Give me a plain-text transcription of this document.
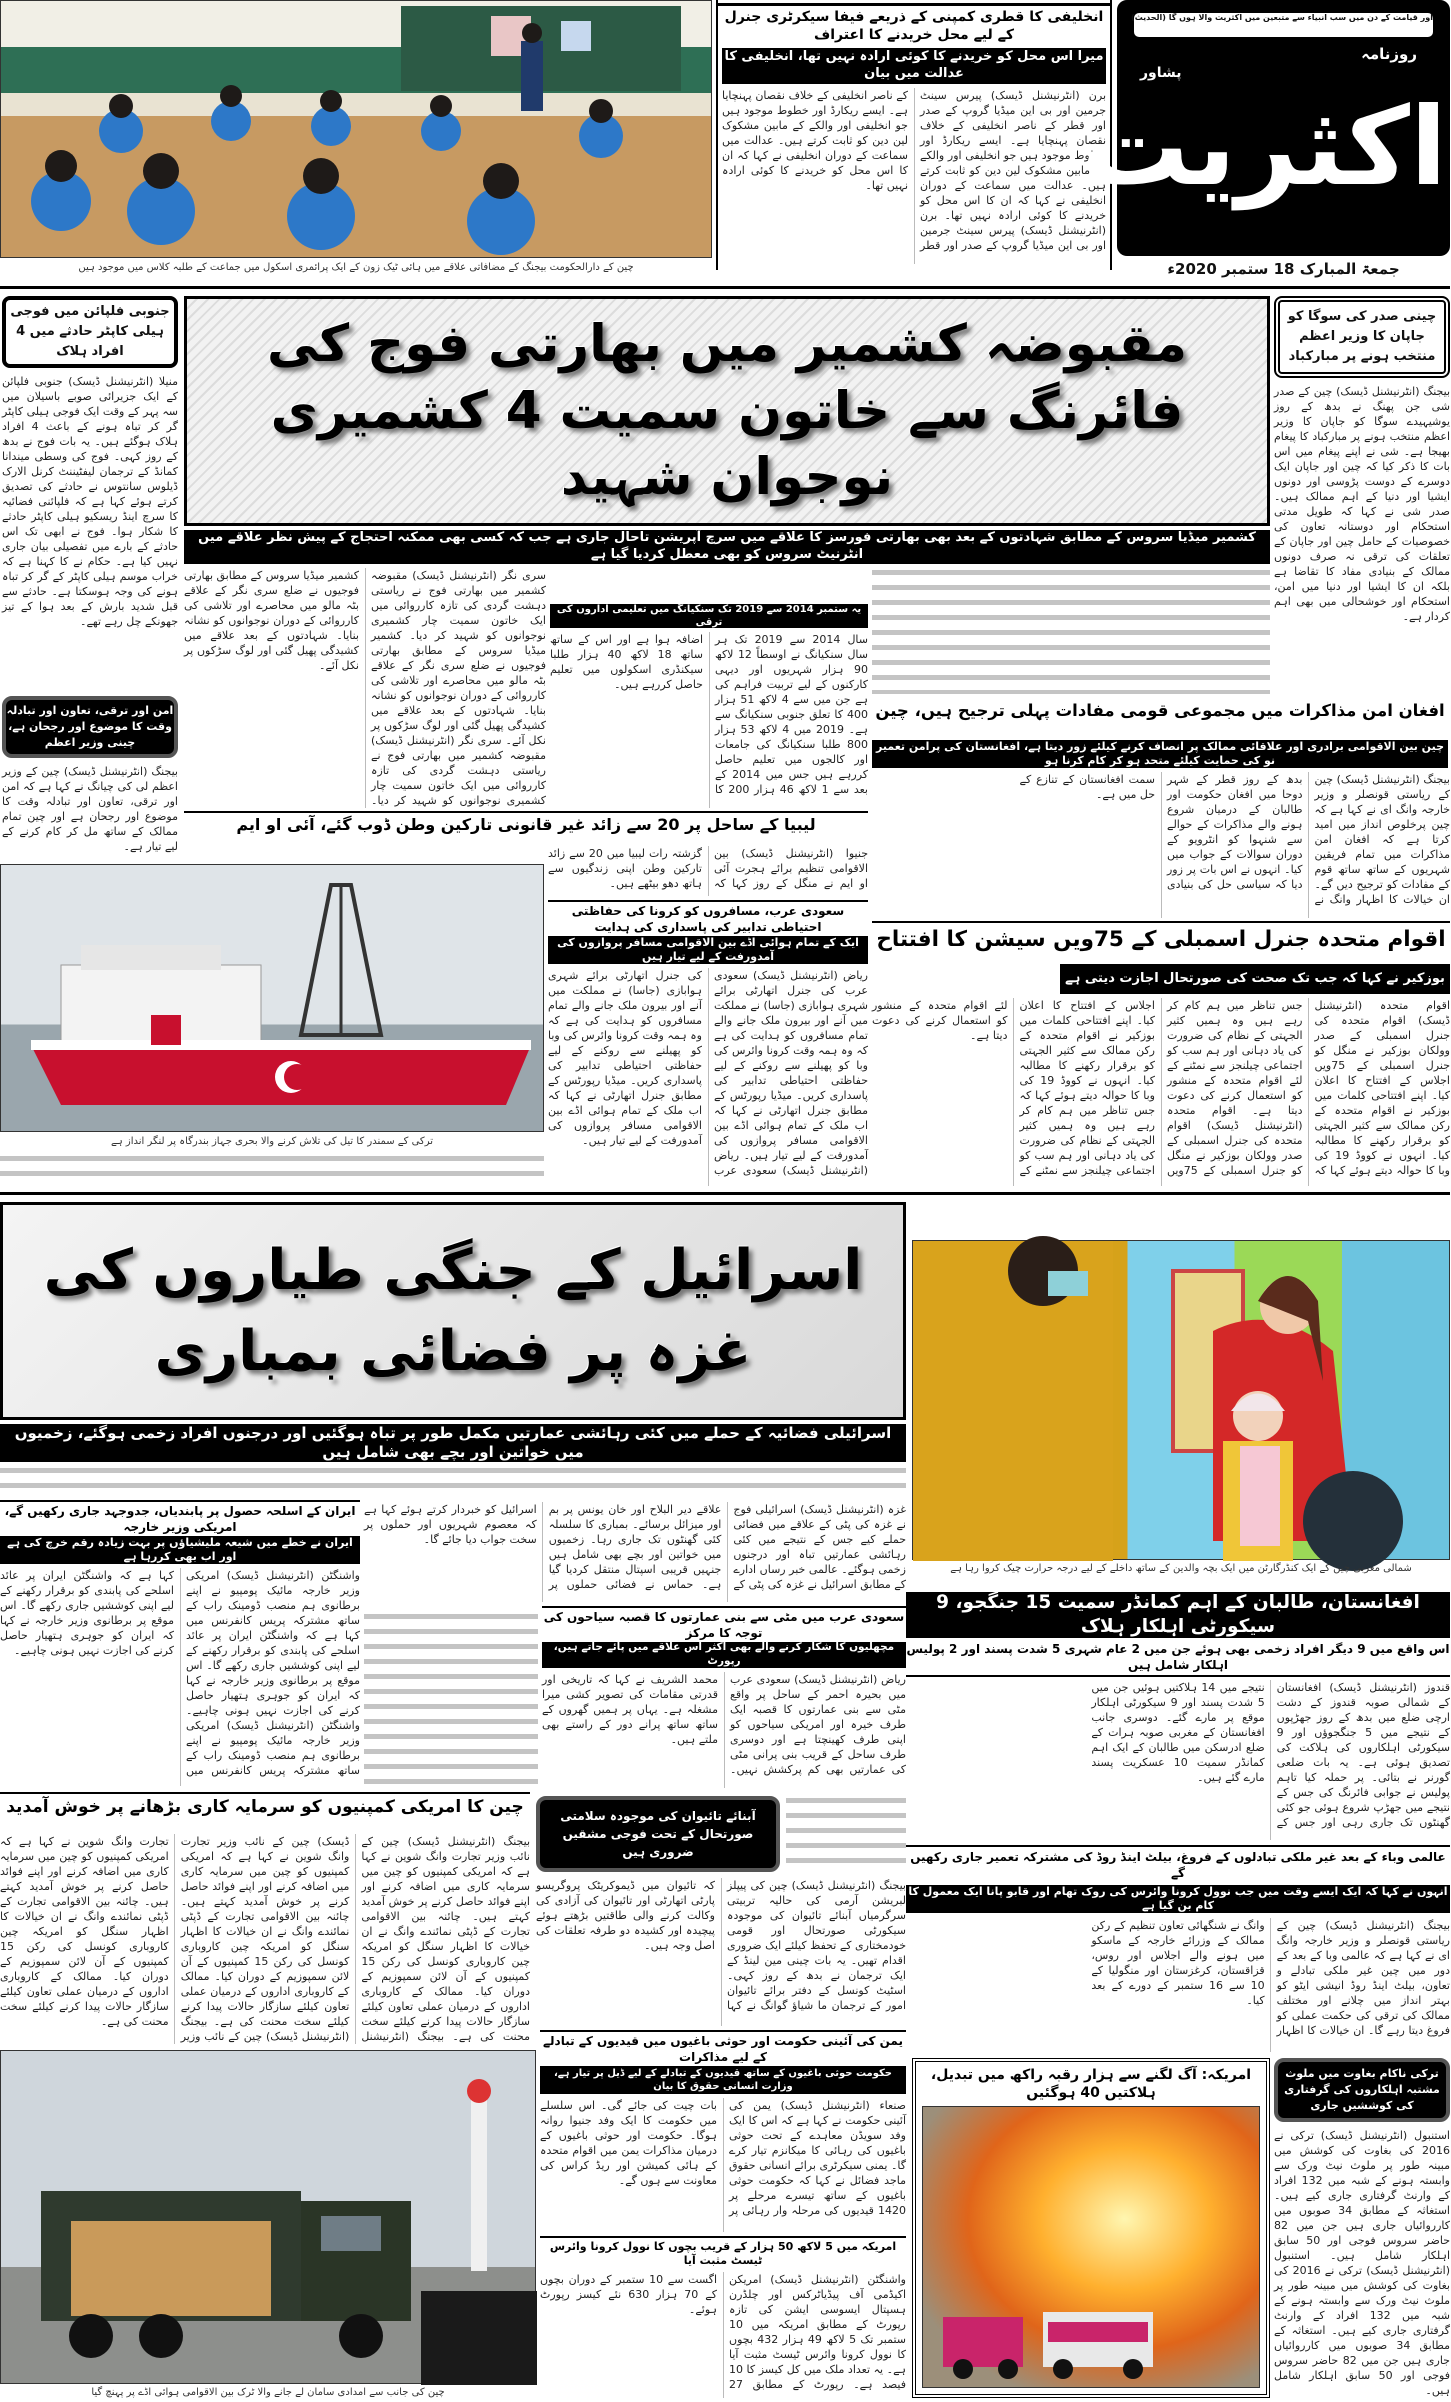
چین کے دارالحکومت بیجنگ کے مضافاتی علاقے میں ہائی ٹیک زون کے ایک پرائمری اسکول میں جماعت کے طلبہ کلاس میں موجود ہیں
انخلیفی کا قطری کمپنی کے ذریعے فیفا سیکرٹری جنرل کے لیے محل خریدنے کا اعتراف
میرا اس محل کو خریدنے کا کوئی ارادہ نہیں تھا، انخلیفی کا عدالت میں بیان
برن (انٹرنیشنل ڈیسک) پیرس سینٹ جرمین اور بی این میڈیا گروپ کے صدر اور قطر کے ناصر انخلیفی کے خلاف نقصان پہنچایا ہے۔ ایسے ریکارڈ اور خطوط موجود ہیں جو انخلیفی اور والکے کے مابین مشکوک لین دین کو ثابت کرتے ہیں۔ عدالت میں سماعت کے دوران انخلیفی نے کہا کہ ان کا اس محل کو خریدنے کا کوئی ارادہ نہیں تھا۔ برن (انٹرنیشنل ڈیسک) پیرس سینٹ جرمین اور بی این میڈیا گروپ کے صدر اور قطر کے ناصر انخلیفی کے خلاف نقصان پہنچایا ہے۔ ایسے ریکارڈ اور خطوط موجود ہیں جو انخلیفی اور والکے کے مابین مشکوک لین دین کو ثابت کرتے ہیں۔ عدالت میں سماعت کے دوران انخلیفی نے کہا کہ ان کا اس محل کو خریدنے کا کوئی ارادہ نہیں تھا۔
اور قیامت کے دن میں سب انبیاء سے متبعین میں اکثریت والا ہوں گا (الحدیث)
روزنامہ
پشاور
اکثریت
جمعۃ المبارک 18 ستمبر 2020ء
جنوبی فلپائن میں فوجی ہیلی کاپٹر حادثے میں 4 افراد ہلاک
منیلا (انٹرنیشنل ڈیسک) جنوبی فلپائن کے ایک جزیرائی صوبے باسیلان میں سہ پہر کے وقت ایک فوجی ہیلی کاپٹر گر کر تباہ ہونے کے باعث 4 افراد ہلاک ہوگئے ہیں۔ یہ بات فوج نے بدھ کے روز کہی۔ فوج کی وسطی میندانا کمانڈ کے ترجمان لیفٹیننٹ کرنل الارک ڈیلوس سانتوس نے حادثے کی تصدیق کرتے ہوئے کہا ہے کہ فلپائنی فضائیہ کا سرچ اینڈ ریسکیو ہیلی کاپٹر حادثے کا شکار ہوا۔ فوج نے ابھی تک اس حادثے کے بارے میں تفصیلی بیان جاری نہیں کیا ہے۔ حکام نے کا کہنا ہے کہ خراب موسم ہیلی کاپٹر کے گر کر تباہ ہونے کی وجہ ہوسکتا ہے۔ حادثے سے قبل شدید بارش کے بعد ہوا کے تیز جھونکے چل رہے تھے۔
امن اور ترقی، تعاون اور تبادلہ وقت کا موضوع اور رجحان ہے، چینی وزیر اعظم
بیجنگ (انٹرنیشنل ڈیسک) چین کے وزیر اعظم لی کی چیانگ نے کہا ہے کہ امن اور ترقی، تعاون اور تبادلہ وقت کا موضوع اور رجحان ہے اور چین تمام ممالک کے ساتھ مل کر کام کرنے کے لیے تیار ہے۔
مقبوضہ کشمیر میں بھارتی فوج کی فائرنگ سے خاتون سمیت 4 کشمیری نوجوان شہید
کشمیر میڈیا سروس کے مطابق شہادتوں کے بعد بھی بھارتی فورسز کا علاقے میں سرچ آپریشن تاحال جاری ہے جب کہ کسی بھی ممکنہ احتجاج کے پیش نظر علاقے میں انٹرنیٹ سروس کو بھی معطل کردیا گیا ہے
چینی صدر کی سوگا کو جاپان کا وزیر اعظم منتخب ہونے پر مبارکباد
بیجنگ (انٹرنیشنل ڈیسک) چین کے صدر شی جن پھنگ نے بدھ کے روز یوشیہیدے سوگا کو جاپان کا وزیر اعظم منتخب ہونے پر مبارکباد کا پیغام بھیجا ہے۔ شی نے اپنے پیغام میں اس بات کا ذکر کیا کہ چین اور جاپان ایک دوسرے کے دوست پڑوسی اور دونوں ایشیا اور دنیا کے اہم ممالک ہیں۔ صدر شی نے کہا کہ طویل مدتی استحکام اور دوستانہ تعاون کی خصوصیات کے حامل چین اور جاپان کے تعلقات کی ترقی نہ صرف دونوں ممالک کے بنیادی مفاد کا تقاضا ہے بلکہ ان کا ایشیا اور دنیا میں امن، استحکام اور خوشحالی میں بھی اہم کردار ہے۔
سری نگر (انٹرنیشنل ڈیسک) مقبوضہ کشمیر میں بھارتی فوج نے ریاستی دہشت گردی کی تازہ کارروائی میں ایک خاتون سمیت چار کشمیری نوجوانوں کو شہید کر دیا۔ کشمیر میڈیا سروس کے مطابق بھارتی فوجیوں نے ضلع سری نگر کے علاقے بٹہ مالو میں محاصرے اور تلاشی کی کارروائی کے دوران نوجوانوں کو نشانہ بنایا۔ شہادتوں کے بعد علاقے میں کشیدگی پھیل گئی اور لوگ سڑکوں پر نکل آئے۔ سری نگر (انٹرنیشنل ڈیسک) مقبوضہ کشمیر میں بھارتی فوج نے ریاستی دہشت گردی کی تازہ کارروائی میں ایک خاتون سمیت چار کشمیری نوجوانوں کو شہید کر دیا۔ کشمیر میڈیا سروس کے مطابق بھارتی فوجیوں نے ضلع سری نگر کے علاقے بٹہ مالو میں محاصرے اور تلاشی کی کارروائی کے دوران نوجوانوں کو نشانہ بنایا۔ شہادتوں کے بعد علاقے میں کشیدگی پھیل گئی اور لوگ سڑکوں پر نکل آئے۔
یہ ستمبر 2014 سے 2019 تک سنکیانگ میں تعلیمی اداروں کی ترقی
سال 2014 سے 2019 تک ہر سال سنکیانگ نے اوسطاً 12 لاکھ 90 ہزار شہریوں اور دیہی کارکنوں کے لیے تربیت فراہم کی ہے جن میں سے 4 لاکھ 51 ہزار 400 کا تعلق جنوبی سنکیانگ سے ہے۔ 2019 میں 4 لاکھ 53 ہزار 800 طلبا سنکیانگ کی جامعات اور کالجوں میں تعلیم حاصل کررہے ہیں جس میں 2014 کے بعد سے 1 لاکھ 46 ہزار 200 کا اضافہ ہوا ہے اور اس کے ساتھ ساتھ 18 لاکھ 40 ہزار طلبا سیکنڈری اسکولوں میں تعلیم حاصل کررہے ہیں۔
لیبیا کے ساحل پر 20 سے زائد غیر قانونی تارکین وطن ڈوب گئے، آئی او ایم
جنیوا (انٹرنیشنل ڈیسک) بین الاقوامی تنظیم برائے ہجرت آئی او ایم نے منگل کے روز کہا کہ گزشتہ رات لیبیا میں 20 سے زائد تارکین وطن اپنی زندگیوں سے ہاتھ دھو بیٹھے ہیں۔
ترکی کے سمندر کا تیل کی تلاش کرنے والا بحری جہاز بندرگاہ پر لنگر انداز ہے
سعودی عرب، مسافروں کو کرونا کی حفاظتی احتیاطی تدابیر کی پاسداری کی ہدایت
ایک کے تمام ہوائی اڈے بین الاقوامی مسافر پروازوں کی آمدورفت کے لیے تیار ہیں
ریاض (انٹرنیشنل ڈیسک) سعودی عرب کی جنرل اتھارٹی برائے شہری ہوابازی (جاسا) نے مملکت میں آنے اور بیرون ملک جانے والے تمام مسافروں کو ہدایت کی ہے کہ وہ ہمہ وقت کرونا وائرس کی وبا کو پھیلنے سے روکنے کے لیے حفاظتی احتیاطی تدابیر کی پاسداری کریں۔ میڈیا رپورٹس کے مطابق جنرل اتھارٹی نے کہا کہ اب ملک کے تمام ہوائی اڈے بین الاقوامی مسافر پروازوں کی آمدورفت کے لیے تیار ہیں۔ ریاض (انٹرنیشنل ڈیسک) سعودی عرب کی جنرل اتھارٹی برائے شہری ہوابازی (جاسا) نے مملکت میں آنے اور بیرون ملک جانے والے تمام مسافروں کو ہدایت کی ہے کہ وہ ہمہ وقت کرونا وائرس کی وبا کو پھیلنے سے روکنے کے لیے حفاظتی احتیاطی تدابیر کی پاسداری کریں۔ میڈیا رپورٹس کے مطابق جنرل اتھارٹی نے کہا کہ اب ملک کے تمام ہوائی اڈے بین الاقوامی مسافر پروازوں کی آمدورفت کے لیے تیار ہیں۔
افغان امن مذاکرات میں مجموعی قومی مفادات پہلی ترجیح ہیں، چین
چین بین الاقوامی برادری اور علاقائی ممالک پر انصاف کرنے کیلئے زور دیتا ہے، افغانستان کی پرامن تعمیر نو کی حمایت کیلئے متحد ہو کر کام کرنا ہو
بیجنگ (انٹرنیشنل ڈیسک) چین کے ریاستی قونصلر و وزیر خارجہ وانگ ای نے کہا ہے کہ چین پرخلوص انداز میں امید کرتا ہے کہ افغان امن مذاکرات میں تمام فریقین شہریوں کے ساتھ ساتھ قوم کے مفادات کو ترجیح دیں گے۔ ان خیالات کا اظہار وانگ نے بدھ کے روز قطر کے شہر دوحا میں افغان حکومت اور طالبان کے درمیان شروع ہونے والے مذاکرات کے حوالے سے شنہوا کو انٹرویو کے دوران سوالات کے جواب میں کیا۔ انہوں نے اس بات پر زور دیا کہ سیاسی حل کی بنیادی سمت افغانستان کے تنازع کے حل میں ہے۔
اقوام متحدہ جنرل اسمبلی کے 75ویں سیشن کا افتتاح
بوزکیر نے کہا کہ جب تک صحت کی صورتحال اجازت دیتی ہے
اقوام متحدہ (انٹرنیشنل ڈیسک) اقوام متحدہ کی جنرل اسمبلی کے صدر وولکان بوزکیر نے منگل کو جنرل اسمبلی کے 75ویں اجلاس کے افتتاح کا اعلان کیا۔ اپنے افتتاحی کلمات میں بوزکیر نے اقوام متحدہ کے رکن ممالک سے کثیر الجہتی کو برقرار رکھنے کا مطالبہ کیا۔ انہوں نے کووڈ 19 کی وبا کا حوالہ دیتے ہوئے کہا کہ جس تناظر میں ہم کام کر رہے ہیں وہ ہمیں کثیر الجہتی کے نظام کی ضرورت کی یاد دہانی اور ہم سب کو اجتماعی چیلنجز سے نمٹنے کے لئے اقوام متحدہ کے منشور کو استعمال کرنے کی دعوت دیتا ہے۔ اقوام متحدہ (انٹرنیشنل ڈیسک) اقوام متحدہ کی جنرل اسمبلی کے صدر وولکان بوزکیر نے منگل کو جنرل اسمبلی کے 75ویں اجلاس کے افتتاح کا اعلان کیا۔ اپنے افتتاحی کلمات میں بوزکیر نے اقوام متحدہ کے رکن ممالک سے کثیر الجہتی کو برقرار رکھنے کا مطالبہ کیا۔ انہوں نے کووڈ 19 کی وبا کا حوالہ دیتے ہوئے کہا کہ جس تناظر میں ہم کام کر رہے ہیں وہ ہمیں کثیر الجہتی کے نظام کی ضرورت کی یاد دہانی اور ہم سب کو اجتماعی چیلنجز سے نمٹنے کے لئے اقوام متحدہ کے منشور کو استعمال کرنے کی دعوت دیتا ہے۔
اسرائیل کے جنگی طیاروں کی غزہ پر فضائی بمباری
اسرائیلی فضائیہ کے حملے میں کئی رہائشی عمارتیں مکمل طور پر تباہ ہوگئیں اور درجنوں افراد زخمی ہوگئے، زخمیوں میں خواتین اور بچے بھی شامل ہیں
غزہ (انٹرنیشنل ڈیسک) اسرائیلی فوج نے غزہ کی پٹی کے علاقے میں فضائی حملے کیے جس کے نتیجے میں کئی رہائشی عمارتیں تباہ اور درجنوں زخمی ہوگئے۔ عالمی خبر رساں ادارے کے مطابق اسرائیل نے غزہ کی پٹی کے علاقے دیر البلاح اور خان یونس پر بم اور میزائل برسائے۔ بمباری کا سلسلہ کئی گھنٹوں تک جاری رہا۔ زخمیوں میں خواتین اور بچے بھی شامل ہیں جنہیں قریبی اسپتال منتقل کردیا گیا ہے۔ حماس نے فضائی حملوں پر اسرائیل کو خبردار کرتے ہوئے کہا ہے کہ معصوم شہریوں اور حملوں پر سخت جواب دیا جائے گا۔
شمالی مغربی چین کے ایک کنڈرگارٹن میں ایک بچہ والدین کے ساتھ داخلے کے لیے درجہ حرارت چیک کروا رہا ہے
ایران کے اسلحہ حصول پر پابندیاں، جدوجہد جاری رکھیں گے، امریکی وزیر خارجہ
ایران نے خطے میں شیعہ ملیشیاؤں پر بہت زیادہ رقم خرچ کی ہے اور اب بھی کررہا ہے
واشنگٹن (انٹرنیشنل ڈیسک) امریکی وزیر خارجہ مائیک پومپیو نے اپنے برطانوی ہم منصب ڈومینک راب کے ساتھ مشترکہ پریس کانفرنس میں کہا ہے کہ واشنگٹن ایران پر عائد اسلحے کی پابندی کو برقرار رکھنے کے لیے اپنی کوششیں جاری رکھے گا۔ اس موقع پر برطانوی وزیر خارجہ نے کہا کہ ایران کو جوہری ہتھیار حاصل کرنے کی اجازت نہیں ہونی چاہیے۔ واشنگٹن (انٹرنیشنل ڈیسک) امریکی وزیر خارجہ مائیک پومپیو نے اپنے برطانوی ہم منصب ڈومینک راب کے ساتھ مشترکہ پریس کانفرنس میں کہا ہے کہ واشنگٹن ایران پر عائد اسلحے کی پابندی کو برقرار رکھنے کے لیے اپنی کوششیں جاری رکھے گا۔ اس موقع پر برطانوی وزیر خارجہ نے کہا کہ ایران کو جوہری ہتھیار حاصل کرنے کی اجازت نہیں ہونی چاہیے۔
سعودی عرب میں مٹی سے بنی عمارتوں کا قصبہ سیاحوں کی توجہ کا مرکز
مچھلیوں کا شکار کرنے والے بھی اکثر اس علاقے میں پائے جاتے ہیں، رپورٹ
ریاض (انٹرنیشنل ڈیسک) سعودی عرب میں بحیرہ احمر کے ساحل پر واقع مٹی سے بنی عمارتوں کا قصبہ ایک طرف خیرہ اور امریکی سیاحوں کو اپنی طرف کھینچتا ہے اور دوسری طرف ساحل کے قریب بنی پرانی مٹی کی عمارتیں بھی کم پرکشش نہیں۔ محمد الشریف نے کہا کہ تاریخی اور قدرتی مقامات کی تصویر کشی میرا مشغلہ ہے۔ یہاں پر ہمیں گھروں کے ساتھ ساتھ پرانے دور کے راستے بھی ملتے ہیں۔
افغانستان، طالبان کے اہم کمانڈر سمیت 15 جنگجو، 9 سیکورٹی اہلکار ہلاک
اس واقع میں 9 دیگر افراد زخمی بھی ہوئے جن میں 2 عام شہری 5 شدت پسند اور 2 پولیس اہلکار شامل ہیں
قندوز (انٹرنیشنل ڈیسک) افغانستان کے شمالی صوبہ قندوز کے دشت ارچی ضلع میں بدھ کے روز جھڑپوں کے نتیجے میں 5 جنگجوؤں اور 9 سیکورٹی اہلکاروں کی ہلاکت کی تصدیق ہوئی ہے۔ یہ بات ضلعی گورنر نے بتائی۔ پر حملہ کیا تاہم پولیس نے جوابی فائرنگ کی جس کے نتیجے میں جھڑپ شروع ہوئی جو کئی گھنٹوں تک جاری رہی اور جس کے نتیجے میں 14 ہلاکتیں ہوئیں جن میں 5 شدت پسند اور 9 سیکورٹی اہلکار موقع پر مارے گئے۔ دوسری جانب افغانستان کے مغربی صوبہ ہرات کے ضلع ادرسکن میں طالبان کے ایک اہم کمانڈر سمیت 10 عسکریت پسند مارے گئے ہیں۔
عالمی وباء کے بعد غیر ملکی تبادلوں کے فروغ، بیلٹ اینڈ روڈ کی مشترکہ تعمیر جاری رکھیں گے
انہوں نے کہا کہ ایک ایسے وقت میں جب نوول کرونا وائرس کی روک تھام اور قابو پانا ایک معمول کا کام بن گیا ہے
بیجنگ (انٹرنیشنل ڈیسک) چین کے ریاستی قونصلر و وزیر خارجہ وانگ ای نے کہا ہے کہ عالمی وبا کے بعد کے دور میں چین غیر ملکی تبادلے و تعاون، بیلٹ اینڈ روڈ انیشی ایٹو کو بہتر انداز میں چلانے اور مختلف ممالک کی ترقی کی حکمت عملی کو فروغ دیتا رہے گا۔ ان خیالات کا اظہار وانگ نے شنگھائی تعاون تنظیم کے رکن ممالک کے وزرائے خارجہ کے ماسکو میں ہونے والے اجلاس اور روس، قزاقستان، کرغزستان اور منگولیا کے 10 سے 16 ستمبر کے دورے کے بعد کیا۔
چین کا امریکی کمپنیوں کو سرمایہ کاری بڑھانے پر خوش آمدید
بیجنگ (انٹرنیشنل ڈیسک) چین کے نائب وزیر تجارت وانگ شوین نے کہا ہے کہ امریکی کمپنیوں کو چین میں سرمایہ کاری میں اضافہ کرنے اور اپنے فوائد حاصل کرنے پر خوش آمدید کہتے ہیں۔ چائنہ بین الاقوامی تجارت کے ڈپٹی نمائندے وانگ نے ان خیالات کا اظہار سنگل کو امریکہ چین کاروباری کونسل کی رکن 15 کمپنیوں کے آن لائن سمپوزیم کے دوران کیا۔ ممالک کے کاروباری اداروں کے درمیان عملی تعاون کیلئے سازگار حالات پیدا کرنے کیلئے سخت محنت کی ہے۔ بیجنگ (انٹرنیشنل ڈیسک) چین کے نائب وزیر تجارت وانگ شوین نے کہا ہے کہ امریکی کمپنیوں کو چین میں سرمایہ کاری میں اضافہ کرنے اور اپنے فوائد حاصل کرنے پر خوش آمدید کہتے ہیں۔ چائنہ بین الاقوامی تجارت کے ڈپٹی نمائندے وانگ نے ان خیالات کا اظہار سنگل کو امریکہ چین کاروباری کونسل کی رکن 15 کمپنیوں کے آن لائن سمپوزیم کے دوران کیا۔ ممالک کے کاروباری اداروں کے درمیان عملی تعاون کیلئے سازگار حالات پیدا کرنے کیلئے سخت محنت کی ہے۔ بیجنگ (انٹرنیشنل ڈیسک) چین کے نائب وزیر تجارت وانگ شوین نے کہا ہے کہ امریکی کمپنیوں کو چین میں سرمایہ کاری میں اضافہ کرنے اور اپنے فوائد حاصل کرنے پر خوش آمدید کہتے ہیں۔ چائنہ بین الاقوامی تجارت کے ڈپٹی نمائندے وانگ نے ان خیالات کا اظہار سنگل کو امریکہ چین کاروباری کونسل کی رکن 15 کمپنیوں کے آن لائن سمپوزیم کے دوران کیا۔ ممالک کے کاروباری اداروں کے درمیان عملی تعاون کیلئے سازگار حالات پیدا کرنے کیلئے سخت محنت کی ہے۔
آبنائے تائیوان کی موجودہ سلامتی صورتحال کے تحت فوجی مشقیں ضروری ہیں
بیجنگ (انٹرنیشنل ڈیسک) چین کی پیپلز لبریشن آرمی کی حالیہ تربیتی سرگرمیاں آبنائے تائیوان کی موجودہ سیکورٹی صورتحال اور قومی خودمختاری کے تحفظ کیلئے ایک ضروری اقدام تھیں۔ یہ بات چینی مین لینڈ کے ایک ترجمان نے بدھ کے روز کہی۔ اسٹیٹ کونسل کے دفتر برائے تائیوان امور کے ترجمان ما شیاؤ گوانگ نے کہا کہ تائیوان میں ڈیموکریٹک پروگریسو پارٹی اتھارٹی اور تائیوان کی آزادی کی وکالت کرنے والی طاقتیں بڑھتے ہوئے پیچیدہ اور کشیدہ دو طرفہ تعلقات کی اصل وجہ ہیں۔
یمن کی آئینی حکومت اور حوثی باغیوں میں قیدیوں کے تبادلے کے لیے مذاکرات
حکومت حوثی باغیوں کے ساتھ قیدیوں کے تبادلے کے لیے ڈیل پر تیار ہے، وزارت انسانی حقوق کا بیان
صنعاء (انٹرنیشنل ڈیسک) یمن کی آئینی حکومت نے کہا ہے کہ اس کا ایک وفد سویڈن معاہدے کے تحت حوثی باغیوں کی رہائی کا میکانزم تیار کرے گا۔ یمنی سیکرٹری برائے انسانی حقوق ماجد فضائل نے کہا کہ حکومت حوثی باغیوں کے ساتھ تیسرے مرحلے پر 1420 قیدیوں کی مرحلہ وار رہائی پر بات چیت کی جائے گی۔ اس سلسلے میں حکومت کا ایک وفد جنیوا روانہ ہوگا۔ حکومت اور حوثی باغیوں کے درمیان مذاکرات یمن میں اقوام متحدہ کے ہائی کمیشن اور ریڈ کراس کی معاونت سے ہوں گے۔
چین کی جانب سے امدادی سامان لے جانے والا ٹرک بین الاقوامی ہوائی اڈے پر پہنچ گیا
امریکہ میں 5 لاکھ 50 ہزار کے قریب بچوں کا نوول کرونا وائرس ٹیسٹ مثبت آیا
واشنگٹن (انٹرنیشنل ڈیسک) امریکن اکیڈمی آف پیڈیاٹرکس اور چلڈرن ہسپتال ایسوسی ایشن کی تازہ رپورٹ کے مطابق امریکہ میں 10 ستمبر تک 5 لاکھ 49 ہزار 432 بچوں کا نوول کرونا وائرس ٹیسٹ مثبت آیا ہے۔ یہ تعداد ملک میں کل کیسز کا 10 فیصد ہے۔ رپورٹ کے مطابق 27 اگست سے 10 ستمبر کے دوران بچوں کے 70 ہزار 630 نئے کیسز رپورٹ ہوئے۔
امریکہ: آگ لگنے سے ہزار رقبہ راکھ میں تبدیل، ہلاکتیں 40 ہوگئیں
ترکی ناکام بغاوت میں ملوث مشتبہ اہلکاروں کی گرفتاری کی کوششیں جاری
استنبول (انٹرنیشنل ڈیسک) ترکی نے 2016 کی بغاوت کی کوشش میں مبینہ طور پر ملوث نیٹ ورک سے وابستہ ہونے کے شبہ میں 132 افراد کے وارنٹ گرفتاری جاری کیے ہیں۔ استغاثہ کے مطابق 34 صوبوں میں کارروائیاں جاری ہیں جن میں 82 حاضر سروس فوجی اور 50 سابق اہلکار شامل ہیں۔ استنبول (انٹرنیشنل ڈیسک) ترکی نے 2016 کی بغاوت کی کوشش میں مبینہ طور پر ملوث نیٹ ورک سے وابستہ ہونے کے شبہ میں 132 افراد کے وارنٹ گرفتاری جاری کیے ہیں۔ استغاثہ کے مطابق 34 صوبوں میں کارروائیاں جاری ہیں جن میں 82 حاضر سروس فوجی اور 50 سابق اہلکار شامل ہیں۔
